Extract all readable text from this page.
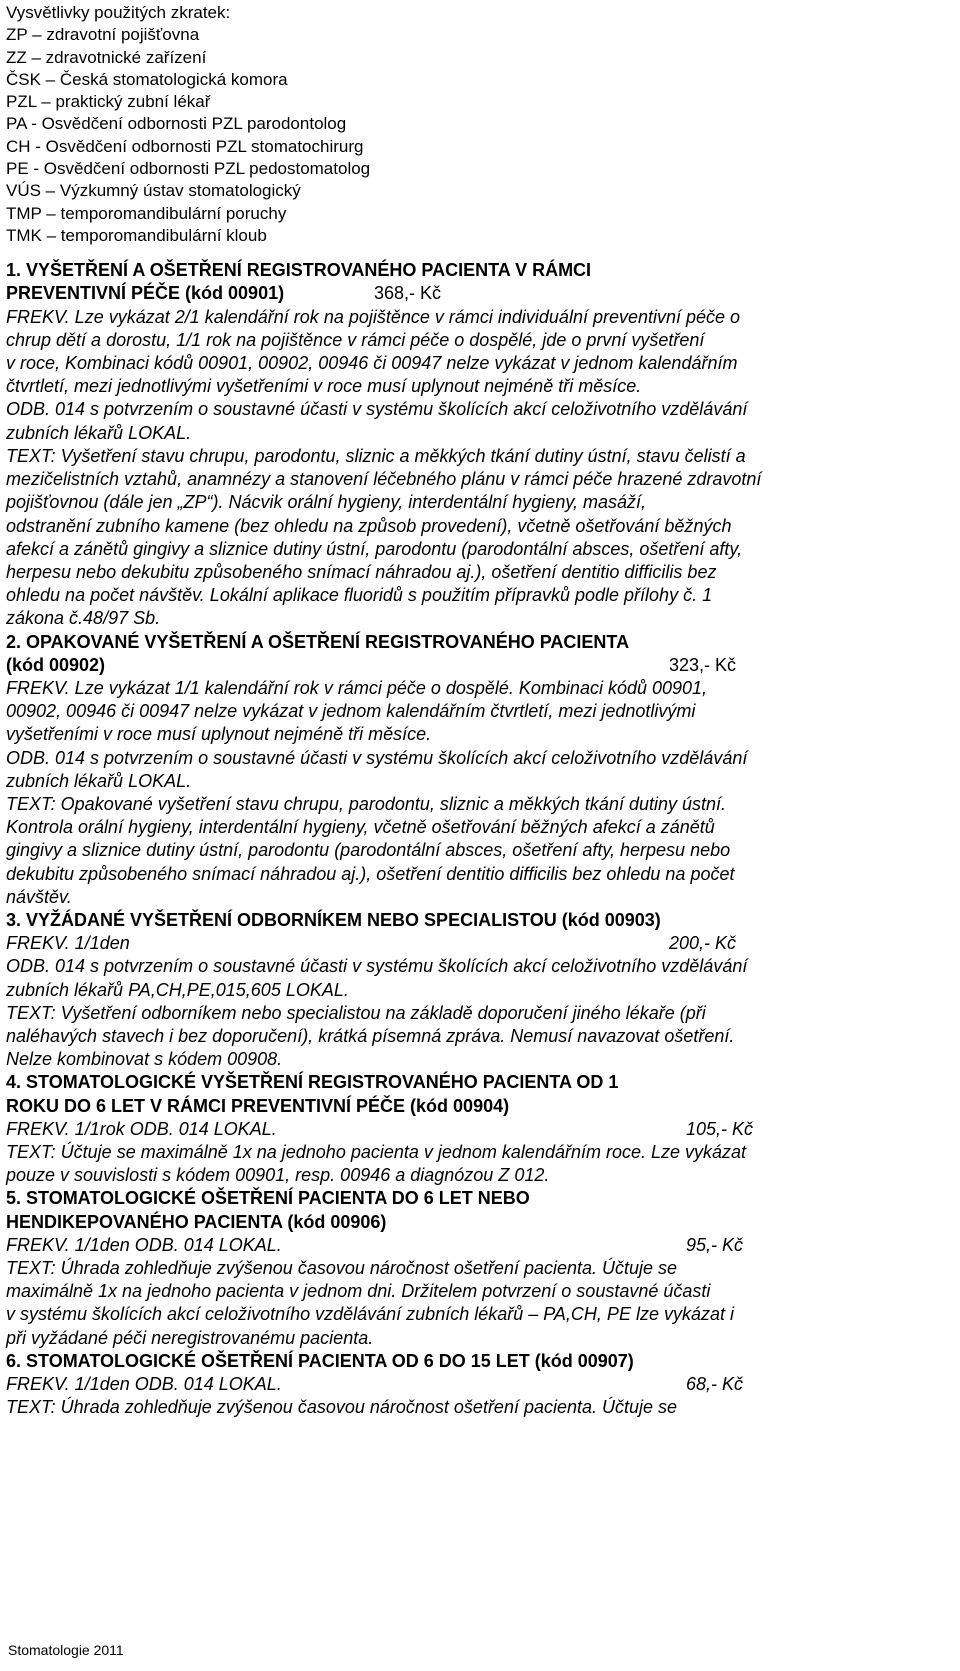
Vysvětlivky použitých zkratek:
ZP – zdravotní pojišťovna
ZZ – zdravotnické zařízení
ČSK – Česká stomatologická komora
PZL – praktický zubní lékař
PA - Osvědčení odbornosti PZL parodontolog
CH - Osvědčení odbornosti PZL stomatochirurg
PE - Osvědčení odbornosti PZL pedostomatolog
VÚS – Výzkumný ústav stomatologický
TMP – temporomandibulární poruchy
TMK – temporomandibulární kloub
1. VYŠETŘENÍ A OŠETŘENÍ REGISTROVANÉHO PACIENTA V RÁMCI
PREVENTIVNÍ PÉČE (kód 00901)	368,- Kč
FREKV. Lze vykázat 2/1 kalendářní rok na pojištěnce v rámci individuální preventivní péče o
chrup dětí a dorostu, 1/1 rok na pojištěnce v rámci péče o dospělé, jde o první vyšetření
v roce, Kombinaci kódů 00901, 00902, 00946 či 00947 nelze vykázat v jednom kalendářním
čtvrtletí, mezi jednotlivými vyšetřeními v roce musí uplynout nejméně tři měsíce.
ODB. 014 s potvrzením o soustavné účasti v systému školících akcí celoživotního vzdělávání
zubních lékařů LOKAL.
TEXT: Vyšetření stavu chrupu, parodontu, sliznic a měkkých tkání dutiny ústní, stavu čelistí a
mezičelistních vztahů, anamnézy a stanovení léčebného plánu v rámci péče hrazené zdravotní
pojišťovnou (dále jen „ZP“). Nácvik orální hygieny, interdentální hygieny, masáží,
odstranění zubního kamene (bez ohledu na způsob provedení), včetně ošetřování běžných
afekcí a zánětů gingivy a sliznice dutiny ústní, parodontu (parodontální absces, ošetření afty,
herpesu nebo dekubitu způsobeného snímací náhradou aj.), ošetření dentitio difficilis bez
ohledu na počet návštěv. Lokální aplikace fluoridů s použitím přípravků podle přílohy č. 1
zákona č.48/97 Sb.
2. OPAKOVANÉ VYŠETŘENÍ A OŠETŘENÍ REGISTROVANÉHO PACIENTA
(kód 00902)	323,- Kč
FREKV. Lze vykázat 1/1 kalendářní rok v rámci péče o dospělé. Kombinaci kódů 00901,
00902, 00946 či 00947 nelze vykázat v jednom kalendářním čtvrtletí, mezi jednotlivými
vyšetřeními v roce musí uplynout nejméně tři měsíce.
ODB. 014 s potvrzením o soustavné účasti v systému školících akcí celoživotního vzdělávání
zubních lékařů LOKAL.
TEXT: Opakované vyšetření stavu chrupu, parodontu, sliznic a měkkých tkání dutiny ústní.
Kontrola orální hygieny, interdentální hygieny, včetně ošetřování běžných afekcí a zánětů
gingivy a sliznice dutiny ústní, parodontu (parodontální absces, ošetření afty, herpesu nebo
dekubitu způsobeného snímací náhradou aj.), ošetření dentitio difficilis bez ohledu na počet
návštěv.
3. VYŽÁDANÉ VYŠETŘENÍ ODBORNÍKEM NEBO SPECIALISTOU (kód 00903)
FREKV. 1/1den	200,- Kč
ODB. 014 s potvrzením o soustavné účasti v systému školících akcí celoživotního vzdělávání
zubních lékařů PA,CH,PE,015,605 LOKAL.
TEXT: Vyšetření odborníkem nebo specialistou na základě doporučení jiného lékaře (při
naléhavých stavech i bez doporučení), krátká písemná zpráva. Nemusí navazovat ošetření.
Nelze kombinovat s kódem 00908.
4. STOMATOLOGICKÉ VYŠETŘENÍ REGISTROVANÉHO PACIENTA OD 1
ROKU DO 6 LET V RÁMCI PREVENTIVNÍ PÉČE (kód 00904)
FREKV. 1/1rok ODB. 014 LOKAL.	105,- Kč
TEXT: Účtuje se maximálně 1x na jednoho pacienta v jednom kalendářním roce. Lze vykázat
pouze v souvislosti s kódem 00901, resp. 00946 a diagnózou Z 012.
5. STOMATOLOGICKÉ OŠETŘENÍ PACIENTA DO 6 LET NEBO
HENDIKEPOVANÉHO PACIENTA (kód 00906)
FREKV. 1/1den ODB. 014 LOKAL.	95,- Kč
TEXT: Úhrada zohledňuje zvýšenou časovou náročnost ošetření pacienta. Účtuje se
maximálně 1x na jednoho pacienta v jednom dni. Držitelem potvrzení o soustavné účasti
v systému školících akcí celoživotního vzdělávání zubních lékařů – PA,CH, PE lze vykázat i
při vyžádané péči neregistrovanému pacienta.
6. STOMATOLOGICKÉ OŠETŘENÍ PACIENTA OD 6 DO 15 LET (kód 00907)
FREKV. 1/1den ODB. 014 LOKAL.	68,- Kč
TEXT: Úhrada zohledňuje zvýšenou časovou náročnost ošetření pacienta. Účtuje se
Stomatologie 2011
